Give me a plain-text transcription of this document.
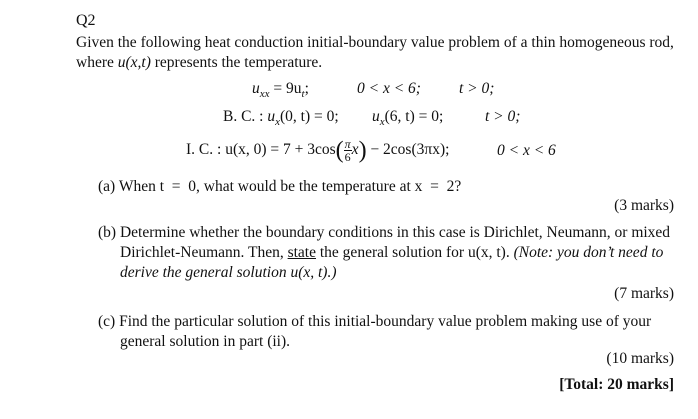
Q2
Given the following heat conduction initial-boundary value problem of a thin homogeneous rod,
where u(x,t) represents the temperature.
$u_{xx} = 9u_t$;	0 < x < 6; t > 0;
B. C. : $u_x(0$, t) = 0; $u_x(6$, t) = 0;	t > 0;
I. C. : u(x, $0) = 7 + 3\cos( \frac{\pi}{6} x) - 2\cos(3\pi x)$;	0 < x < 6
(a) When t  =  0, what would be the temperature at x  =  2?
(3 marks)
(b) Determine whether the boundary conditions in this case is Dirichlet, Neumann, or mixed
Dirichlet-Neumann. Then, state the general solution for u(x, t). (Note: you don’t need to
derive the general solution u(x, t).)
(7 marks)
(c) Find the particular solution of this initial-boundary value problem making use of your
general solution in part (ii).
(10 marks)
[Total: 20 marks]
